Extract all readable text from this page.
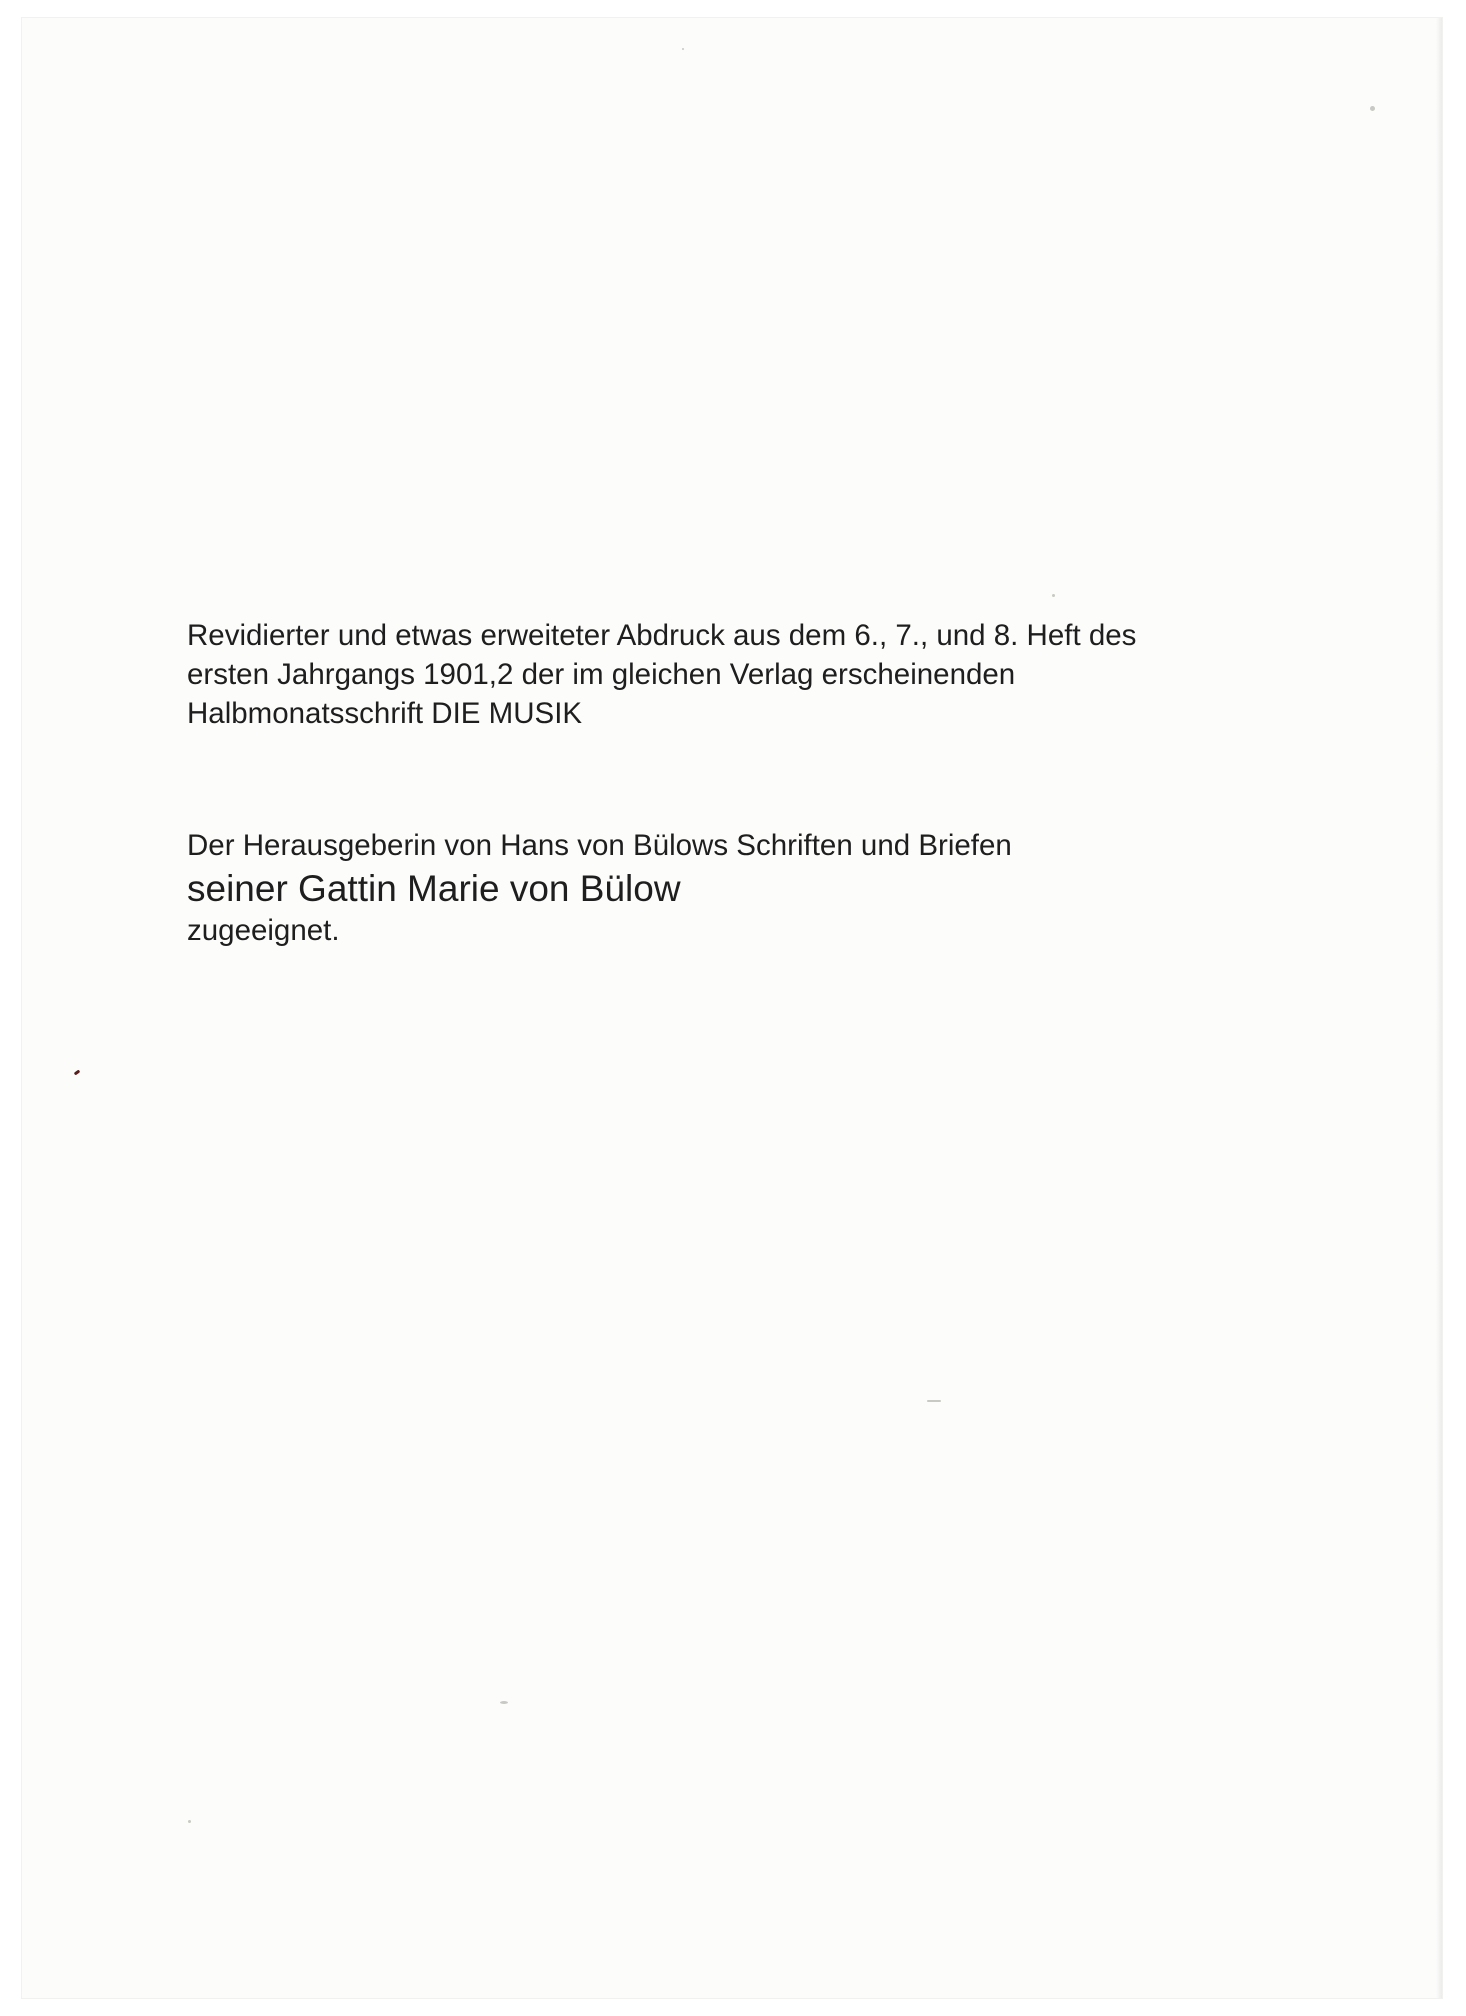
Revidierter und etwas erweiteter Abdruck aus dem 6., 7., und 8. Heft des
ersten Jahrgangs 1901,2 der im gleichen Verlag erscheinenden
Halbmonatsschrift DIE MUSIK
Der Herausgeberin von Hans von Bülows Schriften und Briefen
seiner Gattin Marie von Bülow
zugeeignet.
